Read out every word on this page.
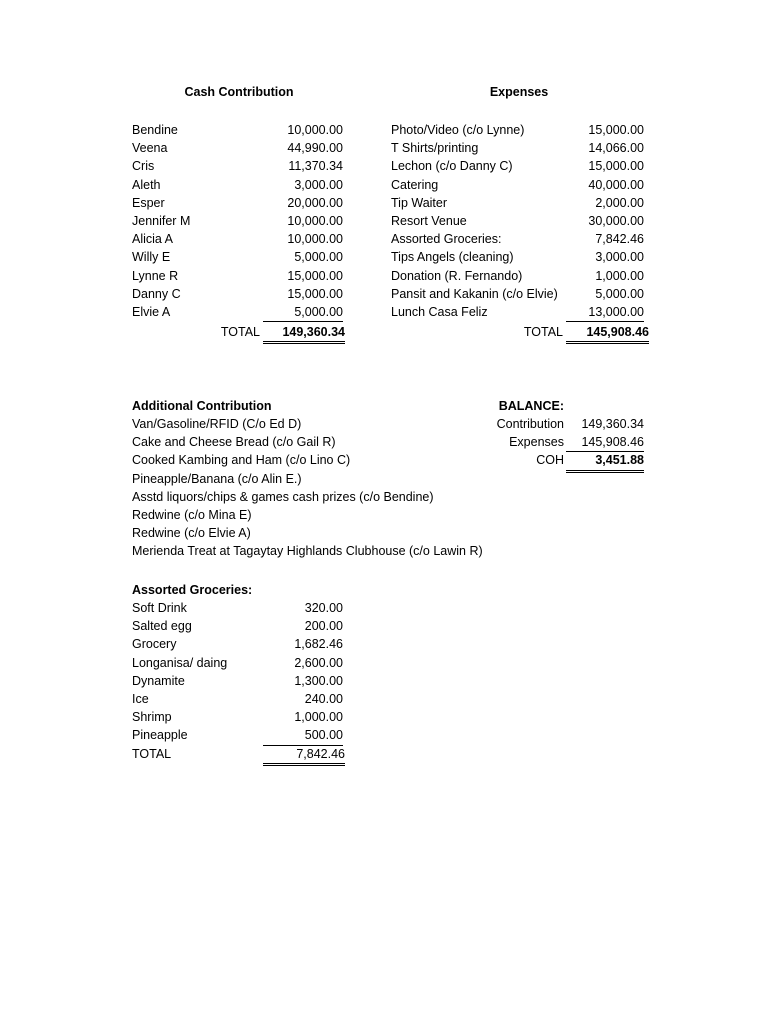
Cash Contribution	Expenses
Bendine	10,000.00
Veena	44,990.00
Cris	11,370.34
Aleth	3,000.00
Esper	20,000.00
Jennifer M	10,000.00
Alicia A	10,000.00
Willy E	5,000.00
Lynne R	15,000.00
Danny C	15,000.00
Elvie A	5,000.00
Photo/Video (c/o Lynne)	15,000.00
T Shirts/printing	14,066.00
Lechon (c/o Danny C)	15,000.00
Catering	40,000.00
Tip Waiter	2,000.00
Resort Venue	30,000.00
Assorted Groceries:	7,842.46
Tips Angels (cleaning)	3,000.00
Donation (R. Fernando)	1,000.00
Pansit and Kakanin (c/o Elvie)	5,000.00
Lunch Casa Feliz	13,000.00
TOTAL	149,360.34	TOTAL	145,908.46
Additional Contribution
Van/Gasoline/RFID (C/o Ed D)
Cake and Cheese Bread (c/o Gail R)
Cooked Kambing and Ham (c/o Lino C)
Pineapple/Banana (c/o Alin E.)
Asstd liquors/chips & games cash prizes (c/o Bendine)
Redwine (c/o Mina E)
Redwine (c/o Elvie A)
Merienda Treat at Tagaytay Highlands Clubhouse (c/o Lawin R)
BALANCE:
Contribution	149,360.34
Expenses	145,908.46
COH	3,451.88
Assorted Groceries:
Soft Drink	320.00
Salted egg	200.00
Grocery	1,682.46
Longanisa/ daing	2,600.00
Dynamite	1,300.00
Ice	240.00
Shrimp	1,000.00
Pineapple	500.00
TOTAL	7,842.46
